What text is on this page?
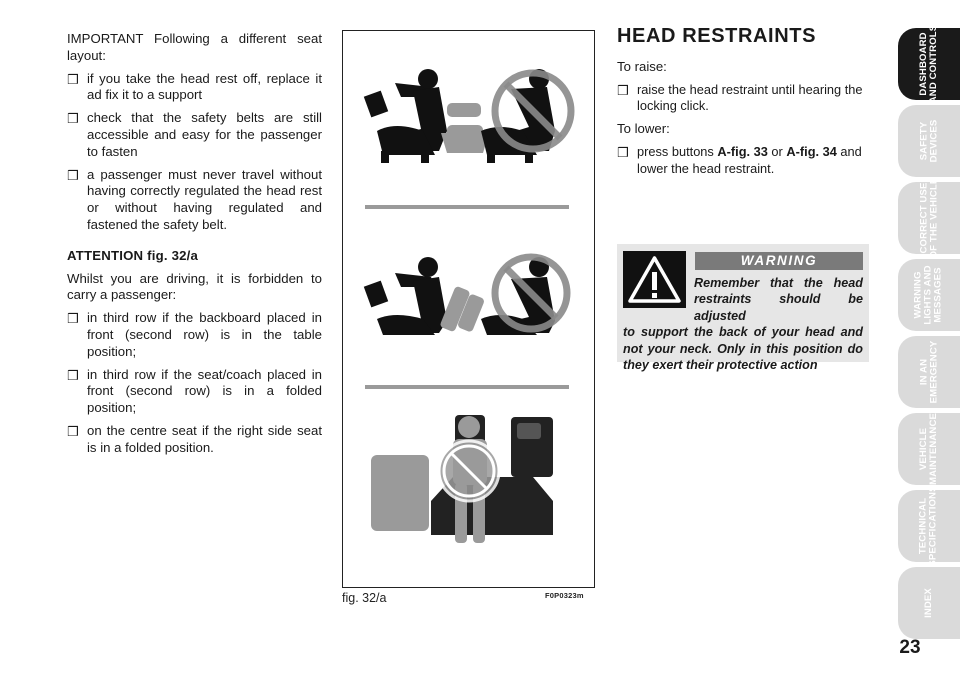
IMPORTANT Following a different seat layout:

❒ if you take the head rest off, replace it ad fix it to a support
❒ check that the safety belts are still accessible and easy for the passenger to fasten
❒ a passenger must never travel without having correctly regulated the head rest or without having regulated and fastened the safety belt.
ATTENTION fig. 32/a

Whilst you are driving, it is forbidden to carry a passenger:

❒ in third row if the backboard placed in front (second row) is in the table position;
❒ in third row if the seat/coach placed in front (second row) is in a folded position;
❒ on the centre seat if the right side seat is in a folded position.
fig. 32/a	F0P0323m
HEAD RESTRAINTS

To raise:

❒ raise the head restraint until hearing the locking click.

To lower:

❒ press buttons A-fig. 33 or A-fig. 34 and lower the head restraint.
WARNING
Remember that the head restraints should be adjusted
to support the back of your head and not your neck. Only in this position do they exert their protective action
DASHBOARD
AND CONTROLS
SAFETY
DEVICES
CORRECT USE
OF THE VEHICLE
WARNING
LIGHTS AND
MESSAGES
IN AN
EMERGENCY
VEHICLE
MAINTENANCE
TECHNICAL
SPECIFICATIONS
INDEX
23
